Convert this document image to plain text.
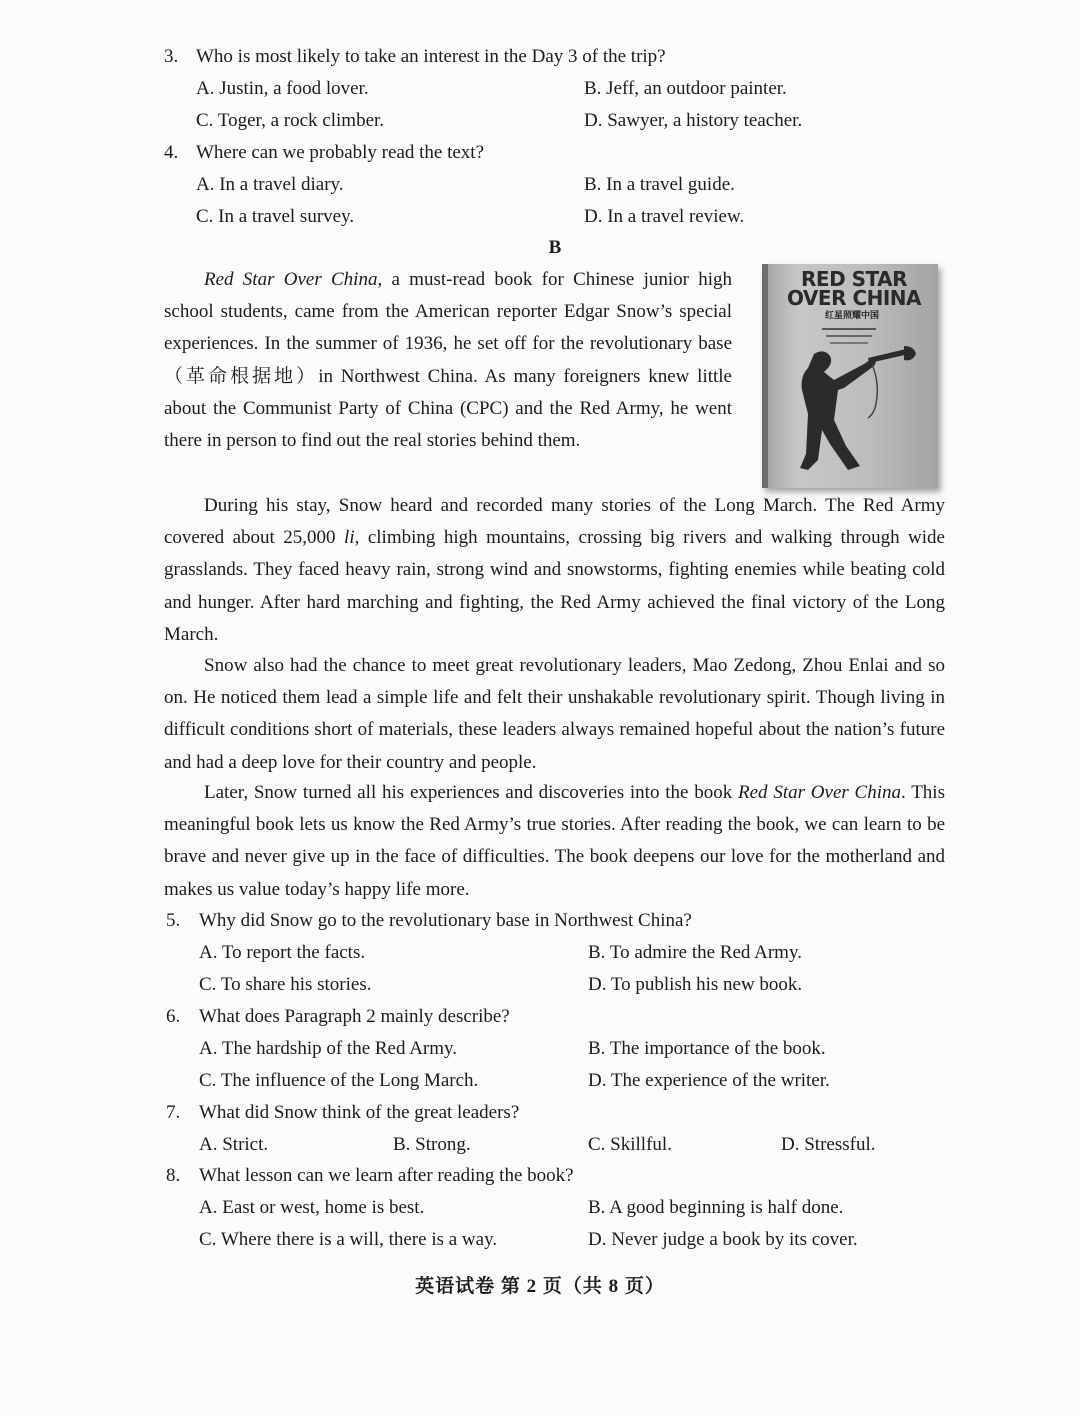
3. Who is most likely to take an interest in the Day 3 of the trip?
A. Justin, a food lover.	B. Jeff, an outdoor painter.
C. Toger, a rock climber.	D. Sawyer, a history teacher.
4. Where can we probably read the text?
A. In a travel diary.	B. In a travel guide.
C. In a travel survey.	D. In a travel review.
B
RED STAR
OVER CHINA
红星照耀中国
Red Star Over China, a must-read book for Chinese junior high school students, came from the American reporter Edgar Snow’s special experiences. In the summer of 1936, he set off for the revolutionary base（革命根据地）in Northwest China. As many foreigners knew little about the Communist Party of China (CPC) and the Red Army, he went there in person to find out the real stories behind them.
During his stay, Snow heard and recorded many stories of the Long March. The Red Army covered about 25,000 li, climbing high mountains, crossing big rivers and walking through wide grasslands. They faced heavy rain, strong wind and snowstorms, fighting enemies while beating cold and hunger. After hard marching and fighting, the Red Army achieved the final victory of the Long March.
Snow also had the chance to meet great revolutionary leaders, Mao Zedong, Zhou Enlai and so on. He noticed them lead a simple life and felt their unshakable revolutionary spirit. Though living in difficult conditions short of materials, these leaders always remained hopeful about the nation’s future and had a deep love for their country and people.
Later, Snow turned all his experiences and discoveries into the book Red Star Over China. This meaningful book lets us know the Red Army’s true stories. After reading the book, we can learn to be brave and never give up in the face of difficulties. The book deepens our love for the motherland and makes us value today’s happy life more.
5. Why did Snow go to the revolutionary base in Northwest China?
A. To report the facts.	B. To admire the Red Army.
C. To share his stories.	D. To publish his new book.
6. What does Paragraph 2 mainly describe?
A. The hardship of the Red Army.	B. The importance of the book.
C. The influence of the Long March.	D. The experience of the writer.
7. What did Snow think of the great leaders?
A. Strict.	B. Strong.	C. Skillful.	D. Stressful.
8. What lesson can we learn after reading the book?
A. East or west, home is best.	B. A good beginning is half done.
C. Where there is a will, there is a way.	D. Never judge a book by its cover.
英语试卷 第 2 页（共 8 页）
